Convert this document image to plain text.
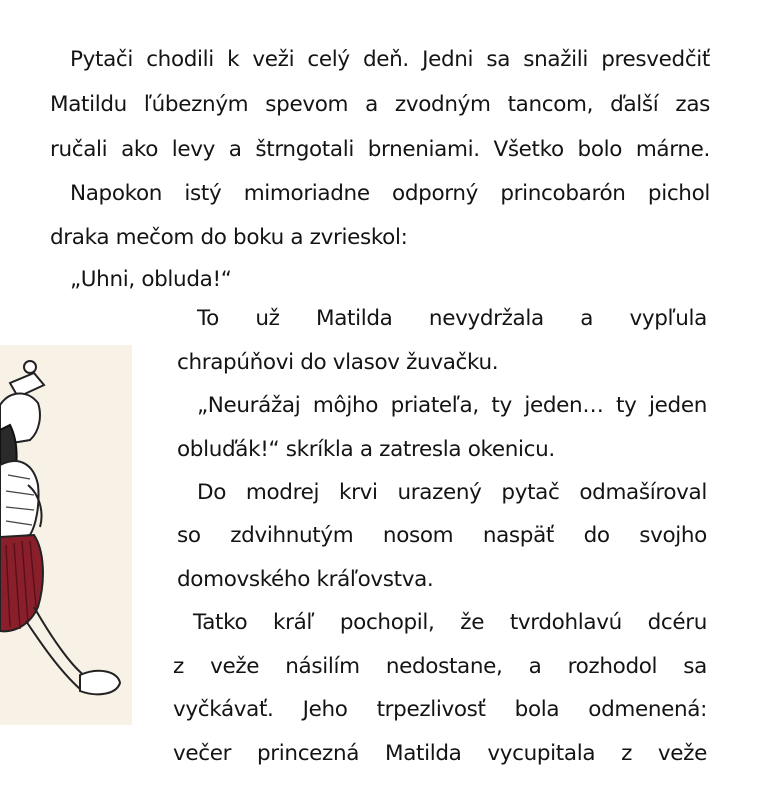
Pytači chodili k veži celý deň. Jedni sa snažili presvedčiť
Matildu ľúbezným spevom a zvodným tancom, ďalší zas
ručali ako levy a štrngotali brneniami. Všetko bolo márne.
Napokon istý mimoriadne odporný princobarón pichol
draka mečom do boku a zvrieskol:
„Uhni, obluda!“
To už Matilda nevydržala a vypľula
chrapúňovi do vlasov žuvačku.
„Neurážaj môjho priateľa, ty jeden… ty jeden
obluďák!“ skríkla a zatresla okenicu.
Do modrej krvi urazený pytač odmašíroval
so zdvihnutým nosom naspäť do svojho
domovského kráľovstva.
Tatko kráľ pochopil, že tvrdohlavú dcéru
z veže násilím nedostane, a rozhodol sa
vyčkávať. Jeho trpezlivosť bola odmenená:
večer princezná Matilda vycupitala z veže
